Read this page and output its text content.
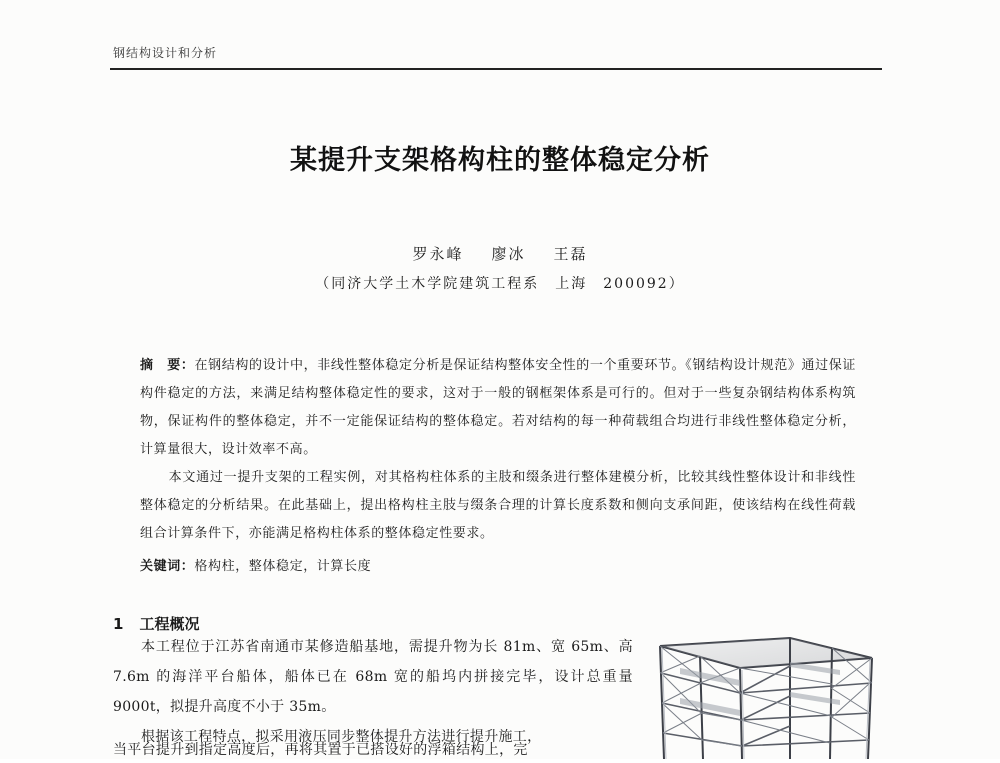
钢结构设计和分析
某提升支架格构柱的整体稳定分析
罗永峰 廖冰 王磊
（同济大学土木学院建筑工程系　上海　200092）

摘　要：在钢结构的设计中，非线性整体稳定分析是保证结构整体安全性的一个重要环节。《钢结构设计规范》通过保证构件稳定的方法，来满足结构整体稳定性的要求，这对于一般的钢框架体系是可行的。但对于一些复杂钢结构体系构筑物，保证构件的整体稳定，并不一定能保证结构的整体稳定。若对结构的每一种荷载组合均进行非线性整体稳定分析，计算量很大，设计效率不高。

本文通过一提升支架的工程实例，对其格构柱体系的主肢和缀条进行整体建模分析，比较其线性整体设计和非线性整体稳定的分析结果。在此基础上，提出格构柱主肢与缀条合理的计算长度系数和侧向支承间距，使该结构在线性荷载组合计算条件下，亦能满足格构柱体系的整体稳定性要求。

关键词：格构柱，整体稳定，计算长度
1 工程概况

本工程位于江苏省南通市某修造船基地，需提升物为长 81m、宽 65m、高 7.6m 的海洋平台船体，船体已在 68m 宽的船坞内拼接完毕，设计总重量 9000t，拟提升高度不小于 35m。

根据该工程特点，拟采用液压同步整体提升方法进行提升施工，

当平台提升到指定高度后，再将其置于已搭设好的浮箱结构上，完
